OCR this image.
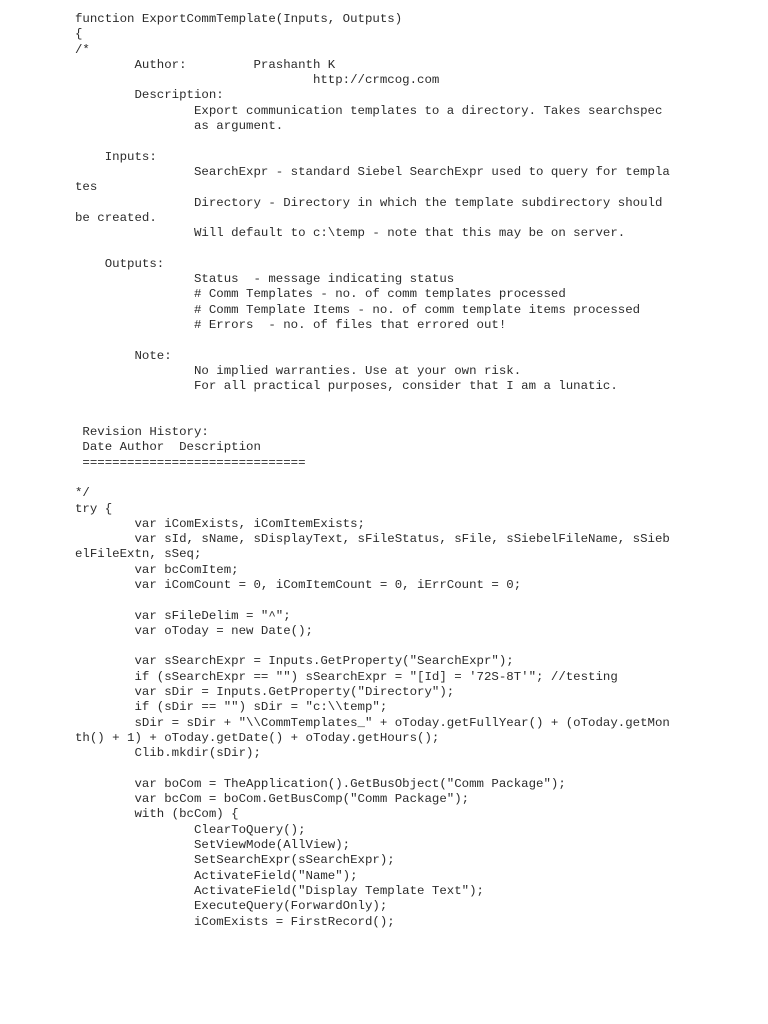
function ExportCommTemplate(Inputs, Outputs)
{
/*
Author:         Prashanth K
http://crmcog.com
Description:
Export communication templates to a directory. Takes searchspec
as argument.
Inputs:
SearchExpr - standard Siebel SearchExpr used to query for templa
tes
Directory - Directory in which the template subdirectory should
be created.
Will default to c:\temp - note that this may be on server.
Outputs:
Status  - message indicating status
# Comm Templates - no. of comm templates processed
# Comm Template Items - no. of comm template items processed
# Errors  - no. of files that errored out!
Note:
No implied warranties. Use at your own risk.
For all practical purposes, consider that I am a lunatic.
Revision History:
Date Author  Description
==============================
*/
try {
var iComExists, iComItemExists;
var sId, sName, sDisplayText, sFileStatus, sFile, sSiebelFileName, sSieb
elFileExtn, sSeq;
var bcComItem;
var iComCount = 0, iComItemCount = 0, iErrCount = 0;
var sFileDelim = "^";
var oToday = new Date();
var sSearchExpr = Inputs.GetProperty("SearchExpr");
if (sSearchExpr == "") sSearchExpr = "[Id] = '72S-8T'"; //testing
var sDir = Inputs.GetProperty("Directory");
if (sDir == "") sDir = "c:\\temp";
sDir = sDir + "\\CommTemplates_" + oToday.getFullYear() + (oToday.getMon
th() + 1) + oToday.getDate() + oToday.getHours();
Clib.mkdir(sDir);
var boCom = TheApplication().GetBusObject("Comm Package");
var bcCom = boCom.GetBusComp("Comm Package");
with (bcCom) {
ClearToQuery();
SetViewMode(AllView);
SetSearchExpr(sSearchExpr);
ActivateField("Name");
ActivateField("Display Template Text");
ExecuteQuery(ForwardOnly);
iComExists = FirstRecord();
